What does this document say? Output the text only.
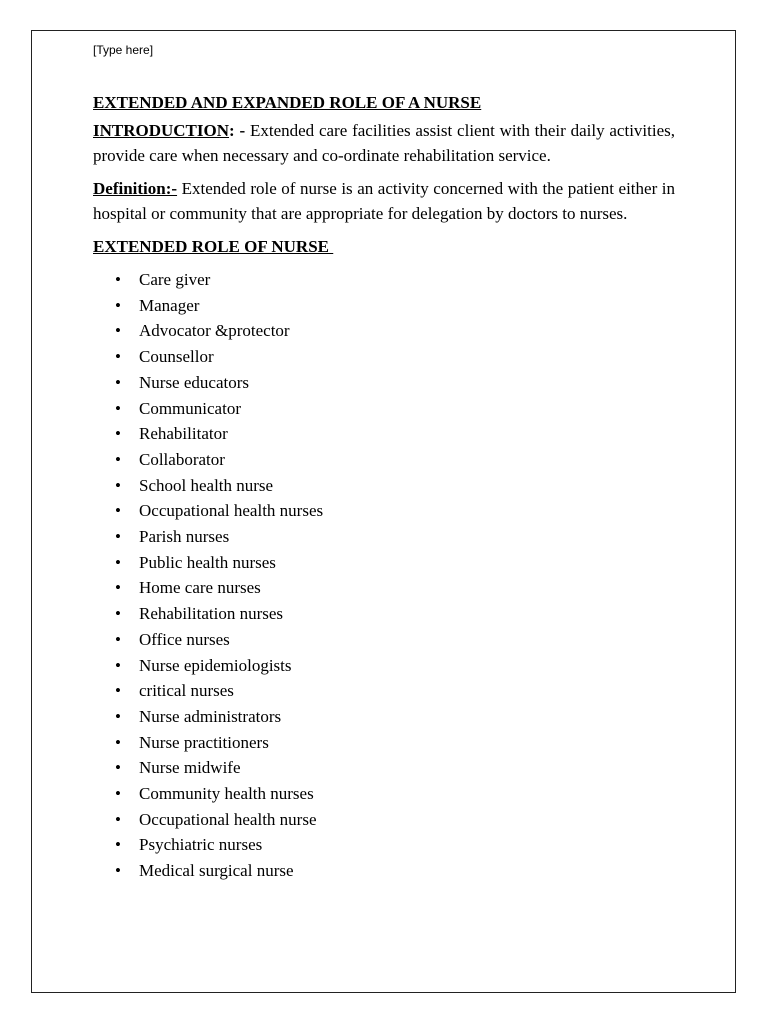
[Type here]

EXTENDED AND EXPANDED ROLE OF A NURSE

INTRODUCTION: - Extended care facilities assist client with their daily activities, provide care when necessary and co-ordinate rehabilitation service.

Definition:- Extended role of nurse is an activity concerned with the patient either in hospital or community that are appropriate for delegation by doctors to nurses.

EXTENDED ROLE OF NURSE

•	Care giver
•	Manager
•	Advocator &protector
•	Counsellor
•	Nurse educators
•	Communicator
•	Rehabilitator
•	Collaborator
•	School health nurse
•	Occupational health nurses
•	Parish nurses
•	Public health nurses
•	Home care nurses
•	Rehabilitation nurses
•	Office nurses
•	Nurse epidemiologists
•	critical nurses
•	Nurse administrators
•	Nurse practitioners
•	Nurse midwife
•	Community health nurses
•	Occupational health nurse
•	Psychiatric nurses
•	Medical surgical nurse
